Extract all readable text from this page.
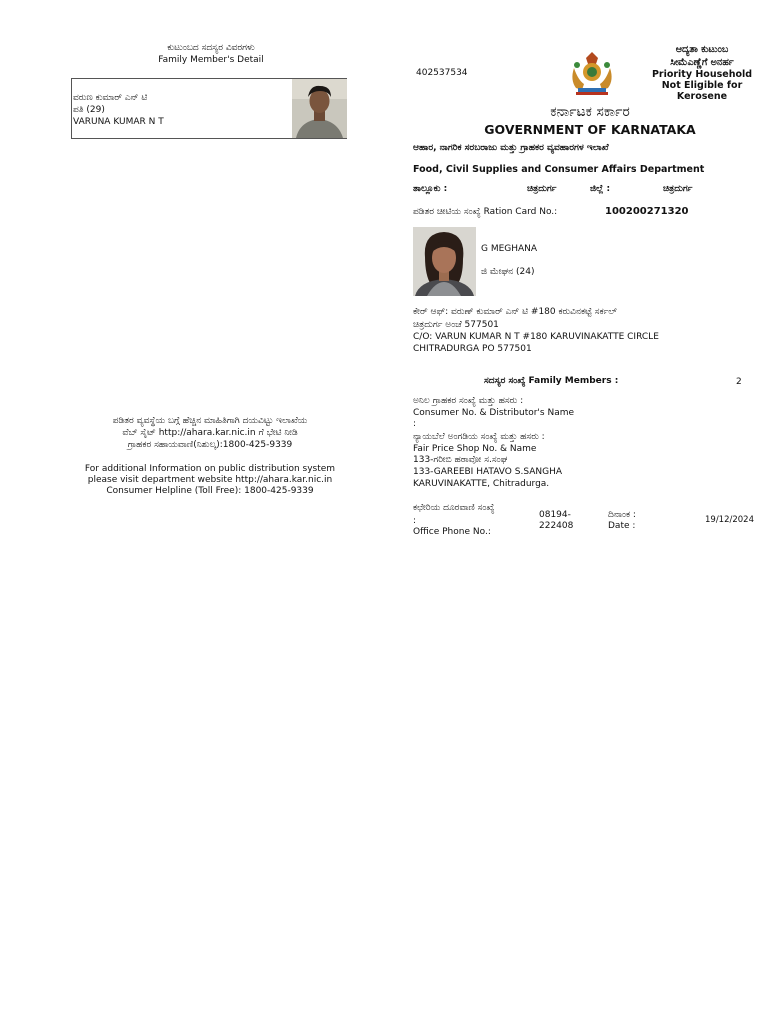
ಕುಟುಂಬದ ಸದಸ್ಯರ ವಿವರಗಳು
Family Member's Detail
ವರುಣ ಕುಮಾರ್ ಎನ್ ಟಿ
ಪತಿ (29)
VARUNA KUMAR N T
ಪಡಿತರ ವ್ಯವಸ್ಥೆಯ ಬಗ್ಗೆ ಹೆಚ್ಚಿನ ಮಾಹಿತಿಗಾಗಿ ದಯವಿಟ್ಟು ಇಲಾಖೆಯ
ವೆಬ್ ಸೈಟ್ http://ahara.kar.nic.in ಗೆ ಭೇಟಿ ನೀಡಿ
ಗ್ರಾಹಕರ ಸಹಾಯವಾಣಿ(ನಿಶುಲ್ಕ):1800-425-9339
For additional Information on public distribution system
please visit department website http://ahara.kar.nic.in
Consumer Helpline (Toll Free): 1800-425-9339
402537534
ಆದ್ಯತಾ ಕುಟುಂಬ
ಸೀಮೆಎಣ್ಣೆಗೆ ಅನರ್ಹ
Priority Household
Not Eligible for
Kerosene
ಕರ್ನಾಟಕ ಸರ್ಕಾರ
GOVERNMENT OF KARNATAKA
ಆಹಾರ, ನಾಗರಿಕ ಸರಬರಾಜು ಮತ್ತು ಗ್ರಾಹಕರ ವ್ಯವಹಾರಗಳ ಇಲಾಖೆ
Food, Civil Supplies and Consumer Affairs Department
ತಾಲ್ಲೂಕು :	ಚಿತ್ರದುರ್ಗ	ಜಿಲ್ಲೆ :	ಚಿತ್ರದುರ್ಗ
ಪಡಿತರ ಚೀಟಿಯ ಸಂಖ್ಯೆ Ration Card No.:	100200271320
G MEGHANA
ಜಿ ಮೇಘನ (24)
ಕೇರ್ ಆಫ್: ವರುಣ್ ಕುಮಾರ್ ಎನ್ ಟಿ #180 ಕರುವಿನಕಟ್ಟೆ ಸರ್ಕಲ್
ಚಿತ್ರದುರ್ಗ ಅಂಚೆ 577501
C/O: VARUN KUMAR N T #180 KARUVINAKATTE CIRCLE
CHITRADURGA PO 577501
ಸದಸ್ಯರ ಸಂಖ್ಯೆ Family Members :	2
ಅನಿಲ ಗ್ರಾಹಕರ ಸಂಖ್ಯೆ ಮತ್ತು ಹಸರು :
Consumer No. & Distributor's Name
:
ನ್ಯಾಯಬೆಲೆ ಅಂಗಡಿಯ ಸಂಖ್ಯೆ ಮತ್ತು ಹಸರು :
Fair Price Shop No. & Name
133-ಗರೀಬಿ ಹಠಾವೋ ಸ.ಸಂಘ
133-GAREEBI HATAVO S.SANGHA
KARUVINAKATTE, Chitradurga.
ಕಛೇರಿಯ ದೂರವಾಣಿ ಸಂಖ್ಯೆ
:
Office Phone No.:
08194-
222408
ದಿನಾಂಕ :
Date :
19/12/2024
